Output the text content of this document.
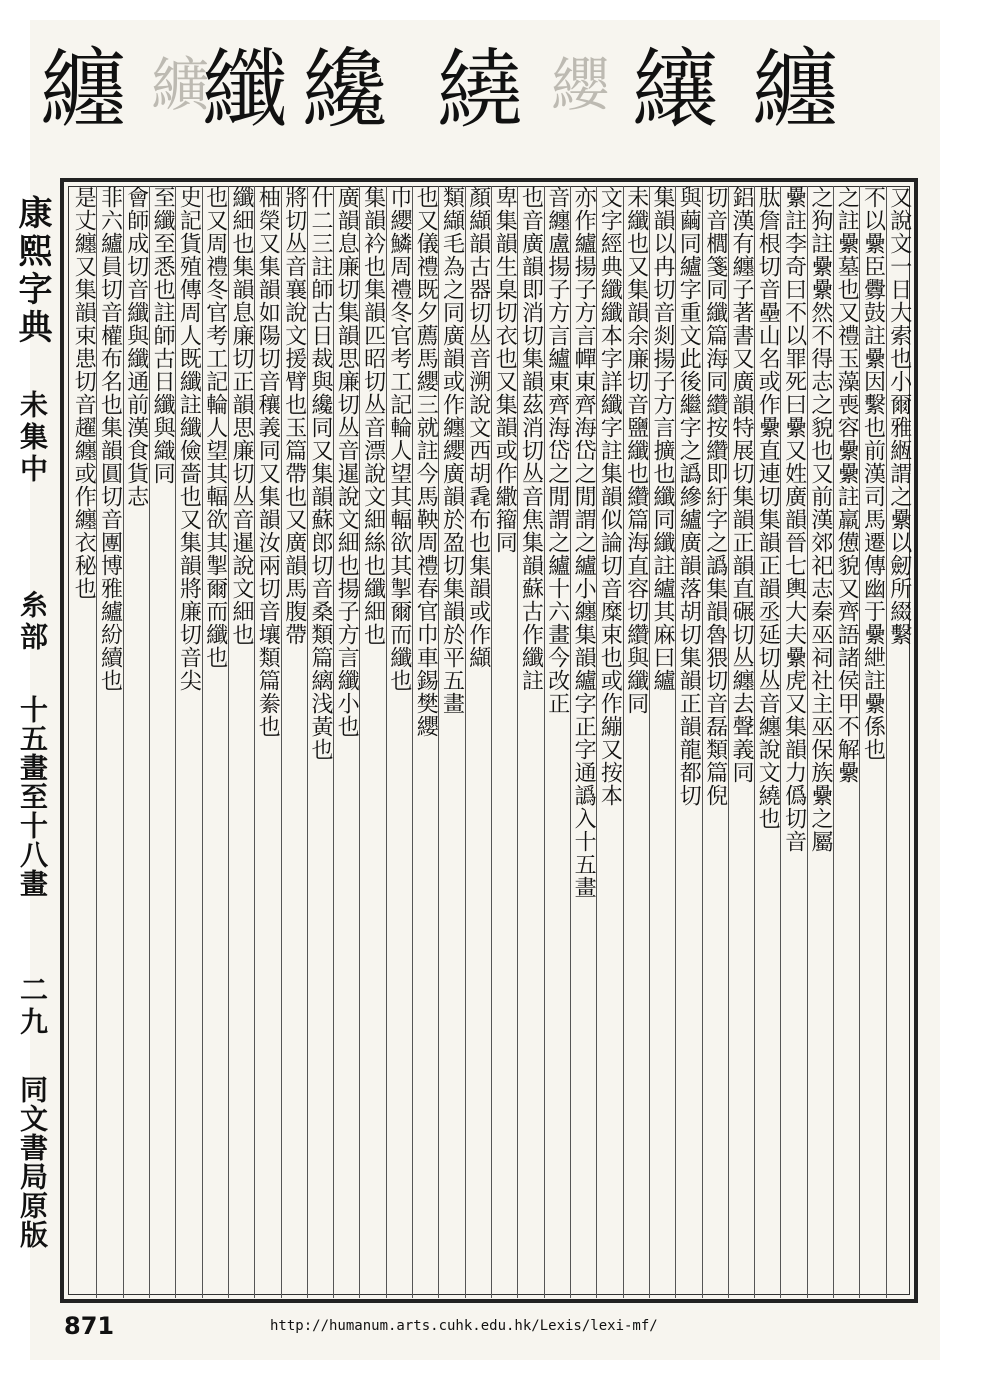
纏 纊
纖 纔 繞 纓 纕 纏
康熙字典
未集中
糸部
十五畫至十八畫
二九
同文書局原版
又說文一日大索也小爾雅緪謂之纍以劒所綴繫
不以纍臣釁鼓註纍因繫也前漢司馬遷傳幽于纍紲註纍係也
之註纍墓也又禮玉藻喪容纍纍註羸憊貌又齊語諸侯甲不解纍
之狗註纍纍然不得志之貌也又前漢郊祀志秦巫祠社主巫保族纍之屬
纍註李奇曰不以罪死曰纍又姓廣韻晉七輿大夫纍虎又集韻力僞切音
肽詹根切音壘山名或作纍直連切集韻正韻丞延切丛音纏說文繞也
鋁漢有纏子著書又廣韻特展切集韻正韻直碾切丛纏去聲義同
切音櫚箋同纖篇海同纘按纘即紆字之譌集韻魯猥切音磊類篇倪
與繭同纑字重文此後繼字之譌縿纑廣韻落胡切集韻正韻龍都切
集韻以冉切音剡揚子方言擴也纖同纖註纑其麻曰纑
未纖也又集韻余廉切音鹽纖也纘篇海直容切纘與纖同
文字經典纖纖本字詳纖字註集韻似論切音糜束也或作繃又按本
亦作纑揚子方言幝東齊海岱之閒謂之纑小纏集韻纑字正字通譌入十五畫
音纏盧揚子方言纑東齊海岱之閒謂之纑十六畫今改正
也音廣韻即消切集韻茲消切丛音焦集韻蘇古作纖註
卑集韻生臬切衣也又集韻或作繖籀同
顏纈韻古器切丛音溯說文西胡毳布也集韻或作纈
類纈毛為之同廣韻或作纏纓廣韻於盈切集韻於平五畫
也又儀禮既夕薦馬纓三就註今馬鞅周禮春官巾車錫樊纓
巾纓鱗周禮冬官考工記輪人望其輻欲其掣爾而纖也
集韻衿也集韻匹昭切丛音漂說文細絲也纖細也
廣韻息廉切集韻思廉切丛音暹說文細也揚子方言纖小也
什二三註師古日裁與纔同又集韻蘇郎切音桑類篇縭浅黃也
將切丛音襄說文援臂也玉篇帶也又廣韻馬腹帶
柚榮又集韻如陽切音穰義同又集韻汝兩切音壤類篇絭也
纖細也集韻息廉切正韻思廉切丛音暹說文細也
也又周禮冬官考工記輪人望其輻欲其掣爾而纖也
史記貨殖傳周人既纖註纖儉嗇也又集韻將廉切音尖
至纖至悉也註師古日纖與織同
會師成切音纖與纖通前漢食貨志
非六纑員切音權布名也集韻圓切音團博雅纑紛續也
是丈纏又集韻束患切音趯纏或作纏衣秘也
871	http://humanum.arts.cuhk.edu.hk/Lexis/lexi-mf/
